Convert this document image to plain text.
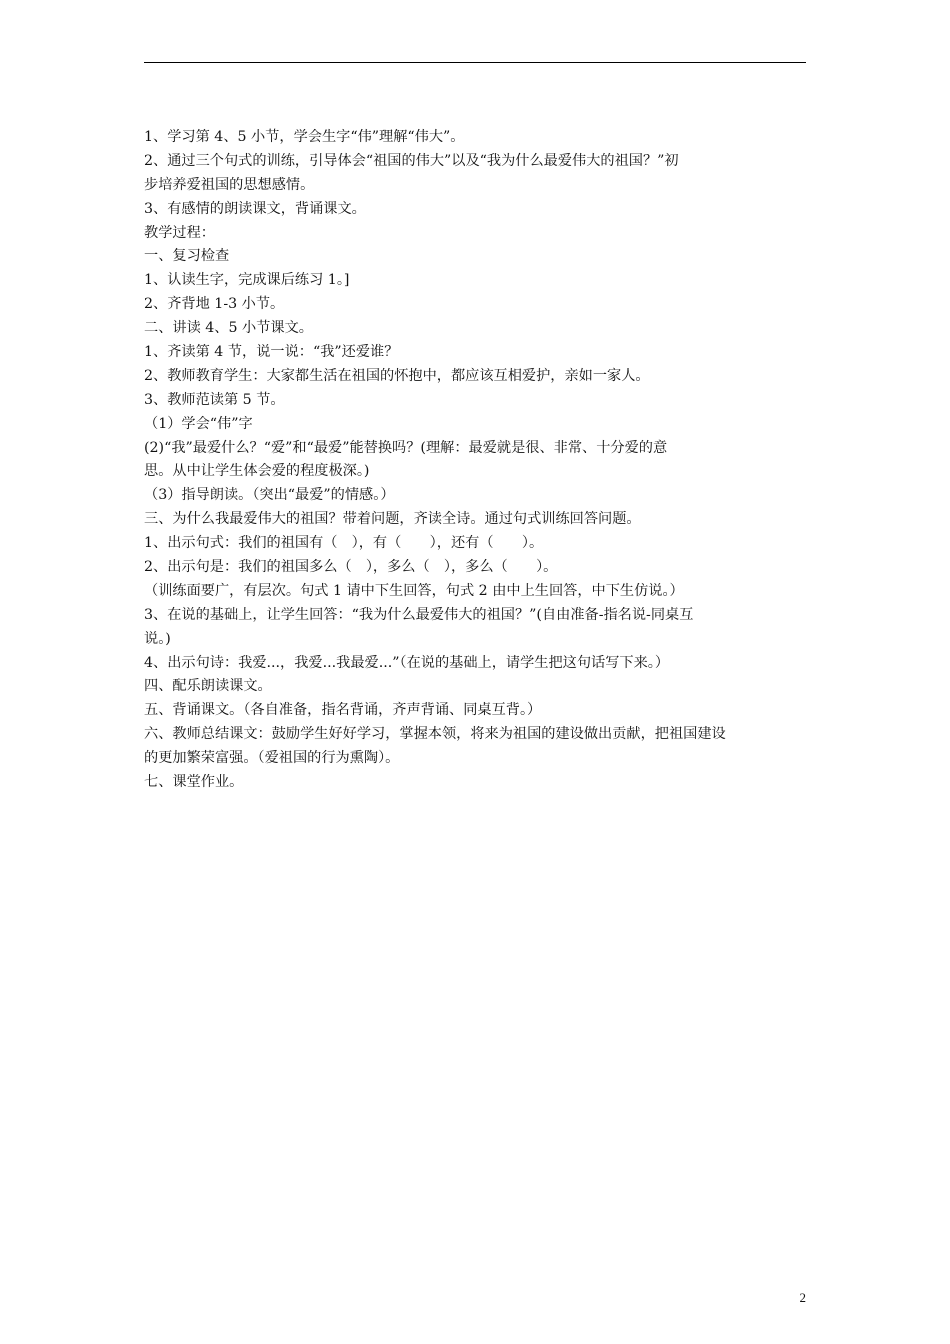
1、学习第 4、5 小节，学会生字“伟”理解“伟大”。
2、通过三个句式的训练，引导体会“祖国的伟大”以及“我为什么最爱伟大的祖国？”初
步培养爱祖国的思想感情。
3、有感情的朗读课文，背诵课文。
教学过程：
一、复习检查
1、认读生字，完成课后练习 1。]
2、齐背地 1-3 小节。
二、讲读 4、5 小节课文。
1、齐读第 4 节，说一说：“我”还爱谁？
2、教师教育学生：大家都生活在祖国的怀抱中，都应该互相爱护，亲如一家人。
3、教师范读第 5 节。
（1）学会“伟”字
(2)“我”最爱什么？“爱”和“最爱”能替换吗？(理解：最爱就是很、非常、十分爱的意
思。从中让学生体会爱的程度极深。)
（3）指导朗读。（突出“最爱”的情感。）
三、为什么我最爱伟大的祖国？带着问题，齐读全诗。通过句式训练回答问题。
1、出示句式：我们的祖国有（　），有（　　），还有（　　）。
2、出示句是：我们的祖国多么（　），多么（　），多么（　　）。
（训练面要广，有层次。句式 1 请中下生回答，句式 2 由中上生回答，中下生仿说。）
3、在说的基础上，让学生回答：“我为什么最爱伟大的祖国？”(自由准备-指名说-同桌互
说。)
4、出示句诗：我爱...，我爱...我最爱...”（在说的基础上，请学生把这句话写下来。）
四、配乐朗读课文。
五、背诵课文。（各自准备，指名背诵，齐声背诵、同桌互背。）
六、教师总结课文：鼓励学生好好学习，掌握本领，将来为祖国的建设做出贡献，把祖国建设
的更加繁荣富强。（爱祖国的行为熏陶）。
七、课堂作业。
2
